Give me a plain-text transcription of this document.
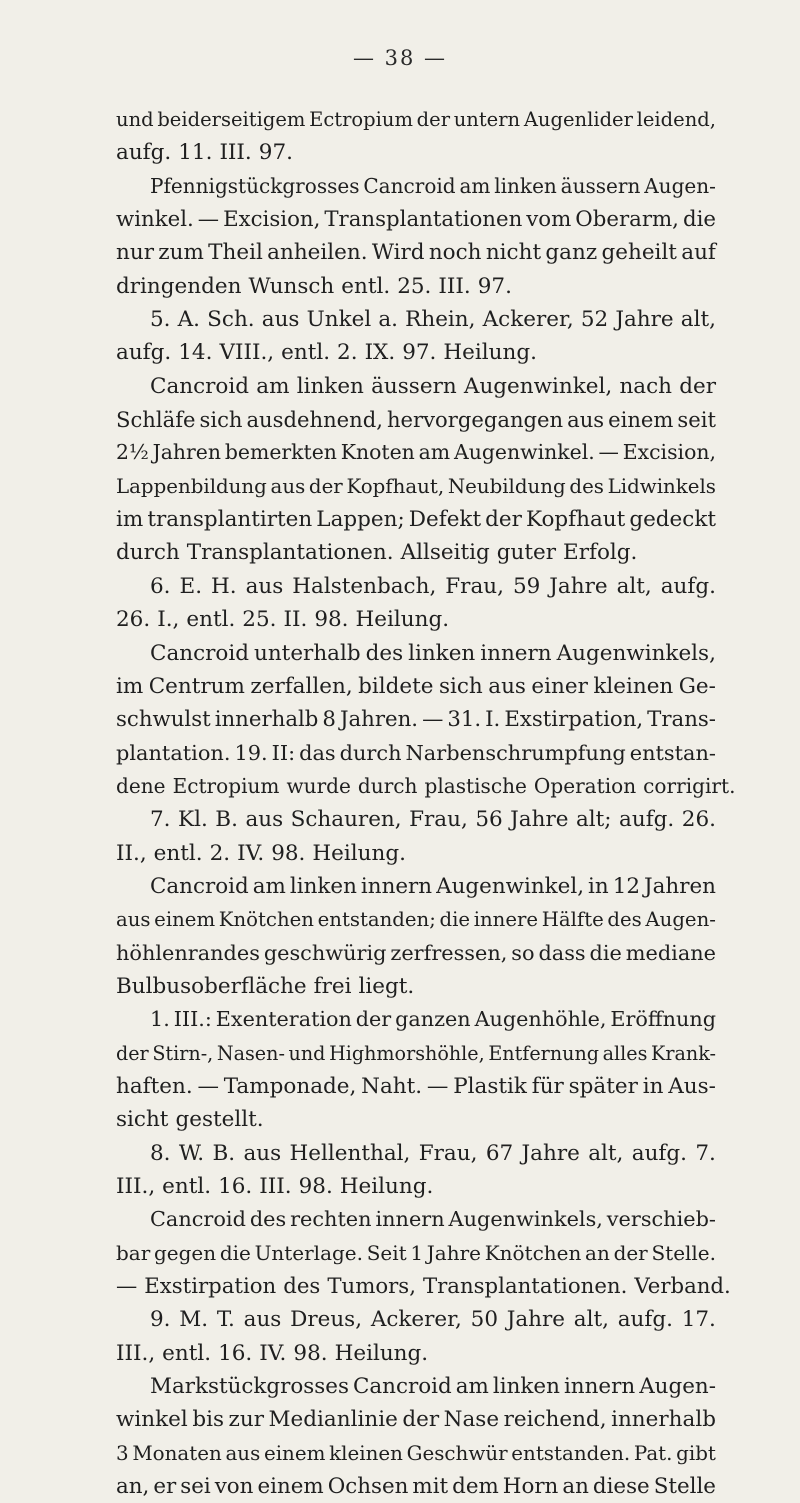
— 38 —
und beiderseitigem Ectropium der untern Augenlider leidend,
aufg. 11. III. 97.
Pfennigstückgrosses Cancroid am linken äussern Augen-
winkel. — Excision, Transplantationen vom Oberarm, die
nur zum Theil anheilen. Wird noch nicht ganz geheilt auf
dringenden Wunsch entl. 25. III. 97.
5. A. Sch. aus Unkel a. Rhein, Ackerer, 52 Jahre alt,
aufg. 14. VIII., entl. 2. IX. 97. Heilung.
Cancroid am linken äussern Augenwinkel, nach der
Schläfe sich ausdehnend, hervorgegangen aus einem seit
2½ Jahren bemerkten Knoten am Augenwinkel. — Excision,
Lappenbildung aus der Kopfhaut, Neubildung des Lidwinkels
im transplantirten Lappen; Defekt der Kopfhaut gedeckt
durch Transplantationen. Allseitig guter Erfolg.
6. E. H. aus Halstenbach, Frau, 59 Jahre alt, aufg.
26. I., entl. 25. II. 98. Heilung.
Cancroid unterhalb des linken innern Augenwinkels,
im Centrum zerfallen, bildete sich aus einer kleinen Ge-
schwulst innerhalb 8 Jahren. — 31. I. Exstirpation, Trans-
plantation. 19. II: das durch Narbenschrumpfung entstan-
dene Ectropium wurde durch plastische Operation corrigirt.
7. Kl. B. aus Schauren, Frau, 56 Jahre alt; aufg. 26.
II., entl. 2. IV. 98. Heilung.
Cancroid am linken innern Augenwinkel, in 12 Jahren
aus einem Knötchen entstanden; die innere Hälfte des Augen-
höhlenrandes geschwürig zerfressen, so dass die mediane
Bulbusoberfläche frei liegt.
1. III.: Exenteration der ganzen Augenhöhle, Eröffnung
der Stirn-, Nasen- und Highmorshöhle, Entfernung alles Krank-
haften. — Tamponade, Naht. — Plastik für später in Aus-
sicht gestellt.
8. W. B. aus Hellenthal, Frau, 67 Jahre alt, aufg. 7.
III., entl. 16. III. 98. Heilung.
Cancroid des rechten innern Augenwinkels, verschieb-
bar gegen die Unterlage. Seit 1 Jahre Knötchen an der Stelle.
— Exstirpation des Tumors, Transplantationen. Verband.
9. M. T. aus Dreus, Ackerer, 50 Jahre alt, aufg. 17.
III., entl. 16. IV. 98. Heilung.
Markstückgrosses Cancroid am linken innern Augen-
winkel bis zur Medianlinie der Nase reichend, innerhalb
3 Monaten aus einem kleinen Geschwür entstanden. Pat. gibt
an, er sei von einem Ochsen mit dem Horn an diese Stelle
